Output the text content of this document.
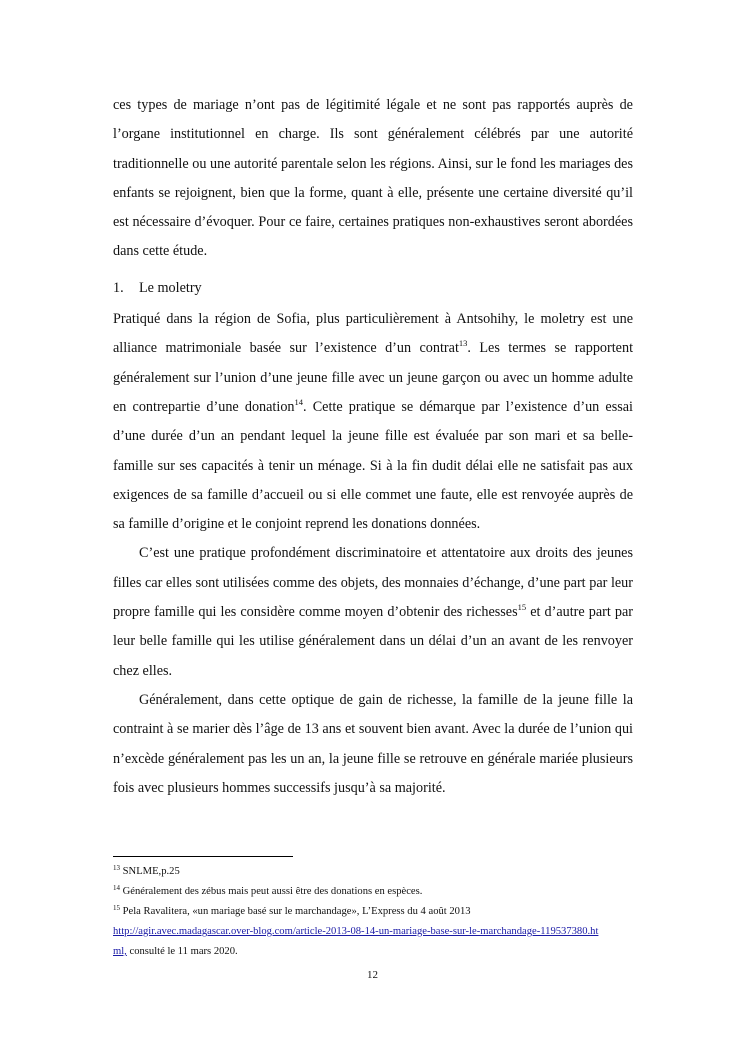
ces types de mariage n’ont pas de légitimité légale et ne sont pas rapportés auprès de l’organe institutionnel en charge. Ils sont généralement célébrés par une autorité traditionnelle ou une autorité parentale selon les régions. Ainsi, sur le fond les mariages des enfants se rejoignent, bien que la forme, quant à elle, présente une certaine diversité qu’il est nécessaire d’évoquer. Pour ce faire, certaines pratiques non-exhaustives seront abordées dans cette étude.

1. Le moletry

Pratiqué dans la région de Sofia, plus particulièrement à Antsohihy, le moletry est une alliance matrimoniale basée sur l’existence d’un contrat$^{13}$. Les termes se rapportent généralement sur l’union d’une jeune fille avec un jeune garçon ou avec un homme adulte en contrepartie d’une donation$^{14}$. Cette pratique se démarque par l’existence d’un essai d’une durée d’un an pendant lequel la jeune fille est évaluée par son mari et sa belle-famille sur ses capacités à tenir un ménage. Si à la fin dudit délai elle ne satisfait pas aux exigences de sa famille d’accueil ou si elle commet une faute, elle est renvoyée auprès de sa famille d’origine et le conjoint reprend les donations données.

C’est une pratique profondément discriminatoire et attentatoire aux droits des jeunes filles car elles sont utilisées comme des objets, des monnaies d’échange, d’une part par leur propre famille qui les considère comme moyen d’obtenir des richesses$^{15}$ et d’autre part par leur belle famille qui les utilise généralement dans un délai d’un an avant de les renvoyer chez elles.

Généralement, dans cette optique de gain de richesse, la famille de la jeune fille la contraint à se marier dès l’âge de 13 ans et souvent bien avant. Avec la durée de l’union qui n’excède généralement pas les un an, la jeune fille se retrouve en générale mariée plusieurs fois avec plusieurs hommes successifs jusqu’à sa majorité.

$^{13}$ SNLME,p.25

$^{14}$ Généralement des zébus mais peut aussi être des donations en espèces.

$^{15}$ Pela Ravalitera, «un mariage basé sur le marchandage», L’Express du 4 août 2013

http://agir.avec.madagascar.over-blog.com/article-2013-08-14-un-mariage-base-sur-le-marchandage-119537380.ht

ml, consulté le 11 mars 2020.

12
